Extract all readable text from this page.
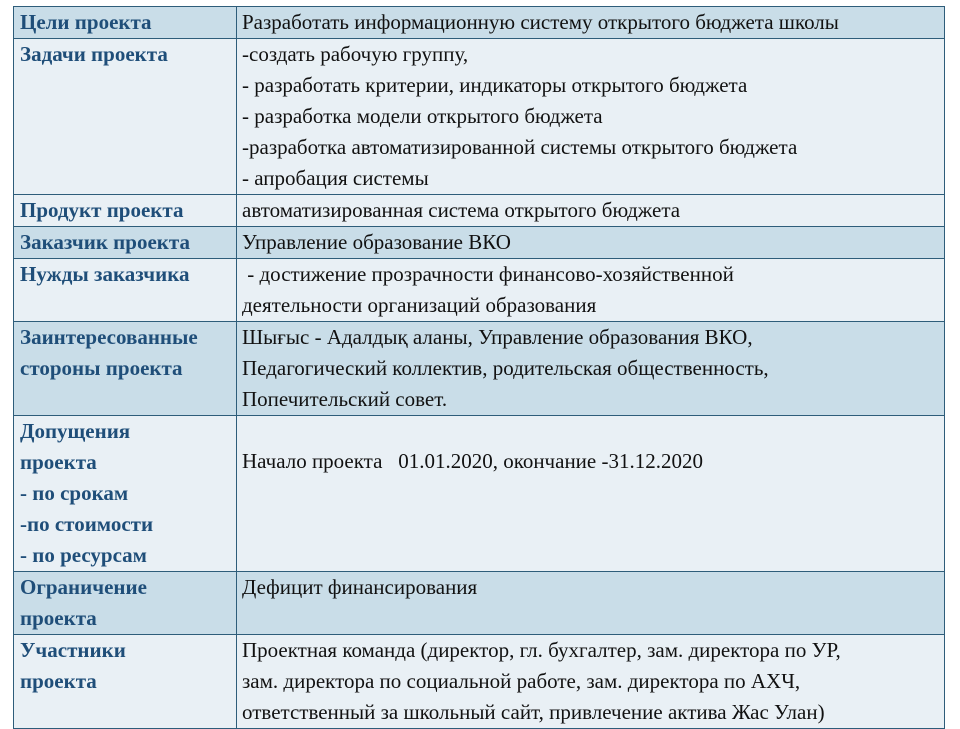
Цели проекта	Разработать информационную систему открытого бюджета школы

Задачи проекта	-создать рабочую группу,
- разработать критерии, индикаторы открытого бюджета
- разработка модели открытого бюджета
-разработка автоматизированной системы открытого бюджета
- апробация системы

Продукт проекта	автоматизированная система открытого бюджета

Заказчик проекта	Управление образование ВКО

Нужды заказчика	- достижение прозрачности финансово-хозяйственной
деятельности организаций образования

Заинтересованные
стороны проекта	Шығыс - Адалдық аланы, Управление образования ВКО,
Педагогический коллектив, родительская общественность,
Попечительский совет.

Допущения
проекта
- по срокам
-по стоимости
- по ресурсам	Начало проекта   01.01.2020, окончание -31.12.2020

Ограничение
проекта	Дефицит финансирования

Участники
проекта	Проектная команда (директор, гл. бухгалтер, зам. директора по УР,
зам. директора по социальной работе, зам. директора по АХЧ,
ответственный за школьный сайт, привлечение актива Жас Улан)
